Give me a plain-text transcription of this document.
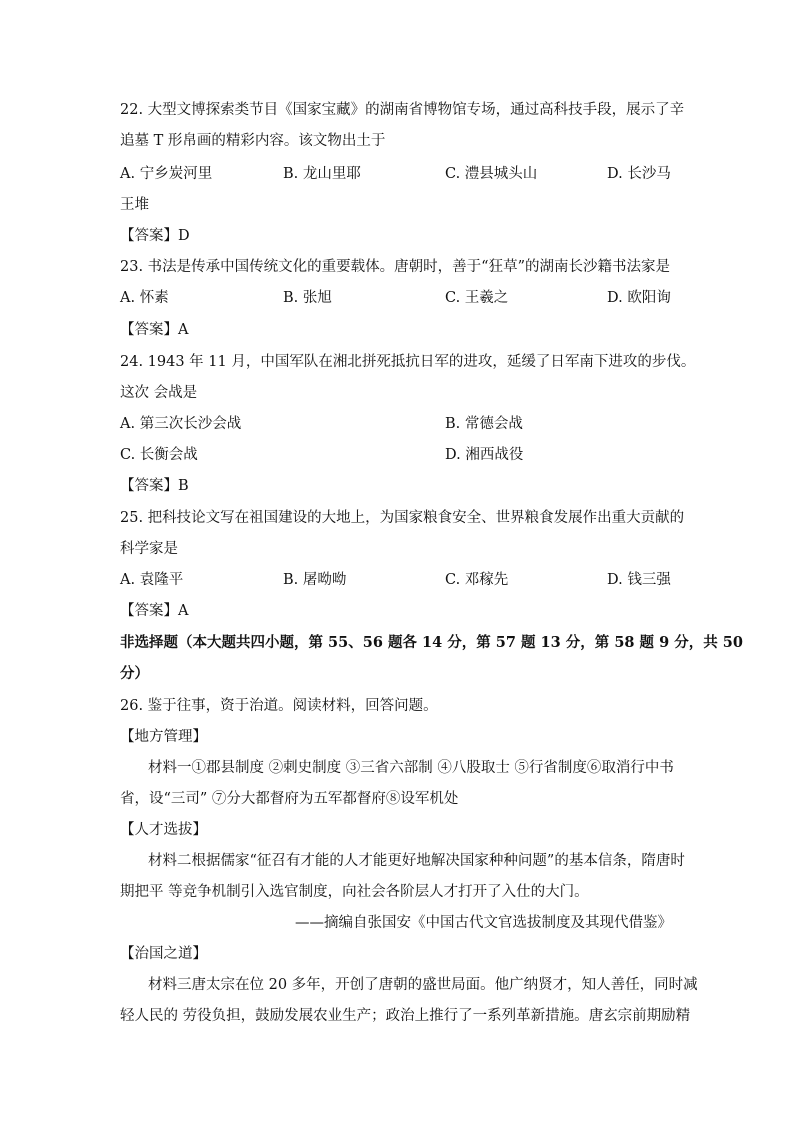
22. 大型文博探索类节目《国家宝藏》的湖南省博物馆专场，通过高科技手段，展示了辛
追墓 T 形帛画的精彩内容。该文物出土于
A. 宁乡炭河里	B. 龙山里耶	C. 澧县城头山	D. 长沙马
王堆
【答案】D
23. 书法是传承中国传统文化的重要载体。唐朝时，善于“狂草”的湖南长沙籍书法家是
A. 怀素	B. 张旭	C. 王羲之	D. 欧阳询
【答案】A
24. 1943 年 11 月，中国军队在湘北拼死抵抗日军的进攻，延缓了日军南下进攻的步伐。
这次 会战是
A. 第三次长沙会战	B. 常德会战
C. 长衡会战	D. 湘西战役
【答案】B
25. 把科技论文写在祖国建设的大地上，为国家粮食安全、世界粮食发展作出重大贡献的
科学家是
A. 袁隆平	B. 屠呦呦	C. 邓稼先	D. 钱三强
【答案】A
非选择题（本大题共四小题，第 55、56 题各 14 分，第 57 题 13 分，第 58 题 9 分，共 50
分）
26. 鉴于往事，资于治道。阅读材料，回答问题。
【地方管理】
材料一①郡县制度 ②刺史制度 ③三省六部制 ④八股取士 ⑤行省制度⑥取消行中书
省，设“三司” ⑦分大都督府为五军都督府⑧设军机处
【人才选拔】
材料二根据儒家“征召有才能的人才能更好地解决国家种种问题”的基本信条，隋唐时
期把平 等竞争机制引入选官制度，向社会各阶层人才打开了入仕的大门。
——摘编自张国安《中国古代文官选拔制度及其现代借鉴》
【治国之道】
材料三唐太宗在位 20 多年，开创了唐朝的盛世局面。他广纳贤才，知人善任，同时减
轻人民的 劳役负担，鼓励发展农业生产；政治上推行了一系列革新措施。唐玄宗前期励精
